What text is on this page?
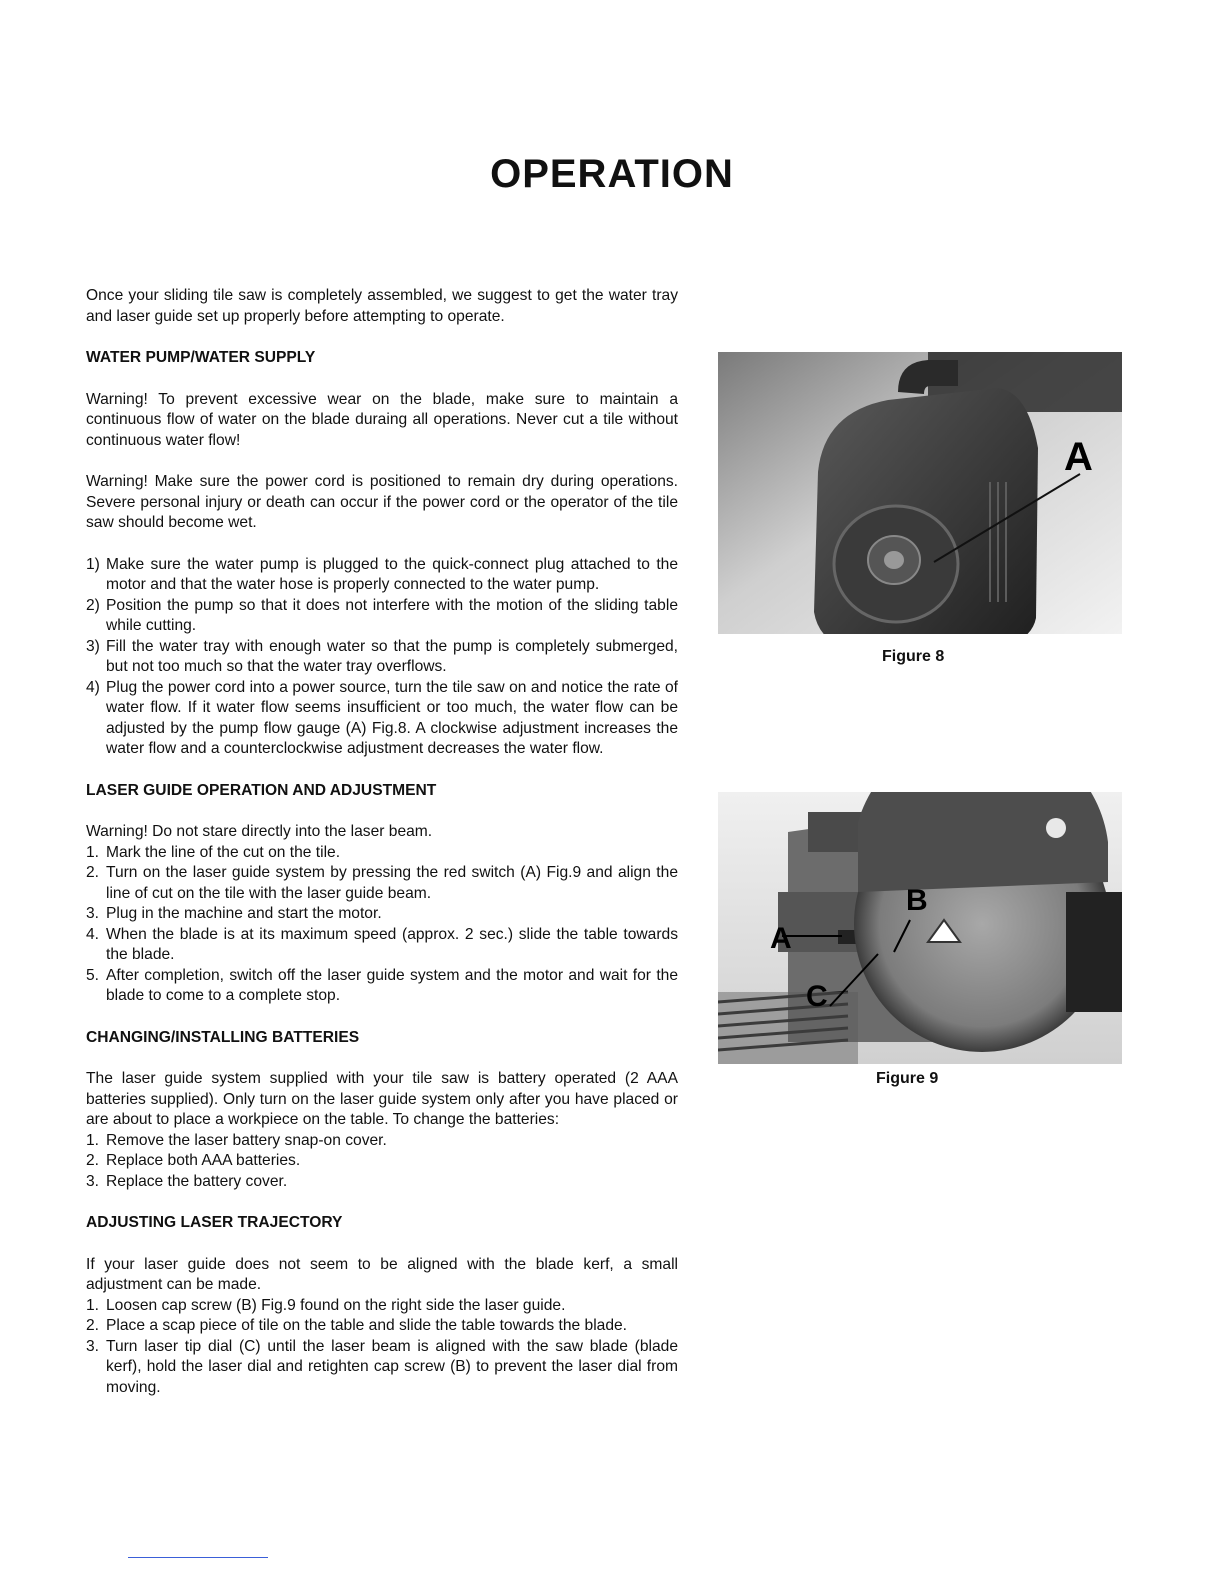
OPERATION

Once your sliding tile saw is completely assembled, we suggest to get the water tray and laser guide set up properly before attempting to operate.

WATER PUMP/WATER SUPPLY

Warning! To prevent excessive wear on the blade, make sure to maintain a continuous flow of water on the blade duraing all operations. Never cut a tile without continuous water flow!

Warning! Make sure the power cord is positioned to remain dry during operations. Severe personal injury or death can occur if the power cord or the operator of the tile saw should become wet.

1) Make sure the water pump is plugged to the quick-connect plug attached to the motor and that the water hose is properly connected to the water pump.
2) Position the pump so that it does not interfere with the motion of the sliding table while cutting.
3) Fill the water tray with enough water so that the pump is completely submerged, but not too much so that the water tray overflows.
4) Plug the power cord into a power source, turn the tile saw on and notice the rate of water flow. If it water flow seems insufficient or too much, the water flow can be adjusted by the pump flow gauge (A) Fig.8. A clockwise adjustment increases the water flow and a counterclockwise adjustment decreases the water flow.
LASER GUIDE OPERATION AND ADJUSTMENT

Warning! Do not stare directly into the laser beam.

1. Mark the line of the cut on the tile.
2. Turn on the laser guide system by pressing the red switch (A) Fig.9 and align the line of cut on the tile with the laser guide beam.
3. Plug in the machine and start the motor.
4. When the blade is at its maximum speed (approx. 2 sec.) slide the table towards the blade.
5. After completion, switch off the laser guide system and the motor and wait for the blade to come to a complete stop.
CHANGING/INSTALLING BATTERIES

The laser guide system supplied with your tile saw is battery operated (2 AAA batteries supplied). Only turn on the laser guide system only after you have placed or are about to place a workpiece on the table. To change the batteries:

1. Remove the laser battery snap-on cover.
2. Replace both AAA batteries.
3. Replace the battery cover.
ADJUSTING LASER TRAJECTORY

If your laser guide does not seem to be aligned with the blade kerf, a small adjustment can be made.

1. Loosen cap screw (B) Fig.9 found on the right side the laser guide.
2. Place a scap piece of tile on the table and slide the table towards the blade.
3. Turn laser tip dial (C) until the laser beam is aligned with the saw blade (blade kerf), hold the laser dial and retighten cap screw (B) to prevent the laser dial from moving.
A
Figure 8
A
B
C
Figure 9
